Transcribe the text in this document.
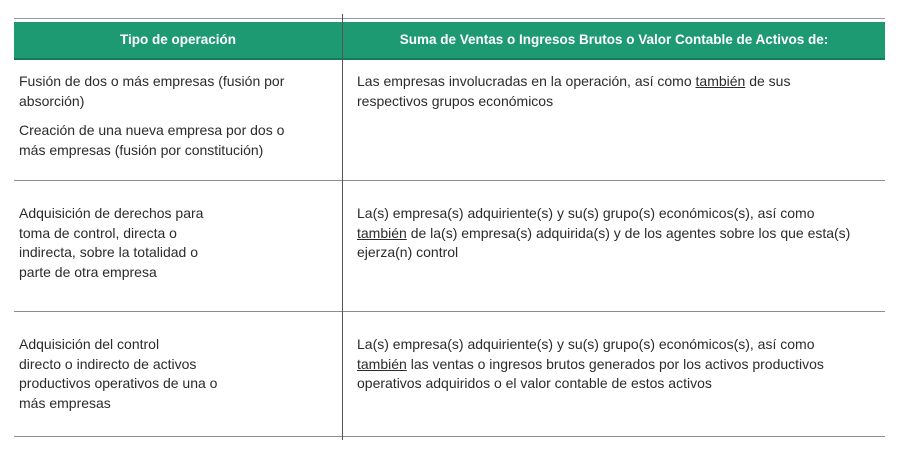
Tipo de operación	Suma de Ventas o Ingresos Brutos o Valor Contable de Activos de:

Fusión de dos o más empresas (fusión por
absorción)

Creación de una nueva empresa por dos o
más empresas (fusión por constitución)

Las empresas involucradas en la operación, así como también de sus
respectivos grupos económicos

Adquisición de derechos para
toma de control, directa o
indirecta, sobre la totalidad o
parte de otra empresa

La(s) empresa(s) adquiriente(s) y su(s) grupo(s) económicos(s), así como
también de la(s) empresa(s) adquirida(s) y de los agentes sobre los que esta(s)
ejerza(n) control

Adquisición del control
directo o indirecto de activos
productivos operativos de una o
más empresas

La(s) empresa(s) adquiriente(s) y su(s) grupo(s) económicos(s), así como
también las ventas o ingresos brutos generados por los activos productivos
operativos adquiridos o el valor contable de estos activos
